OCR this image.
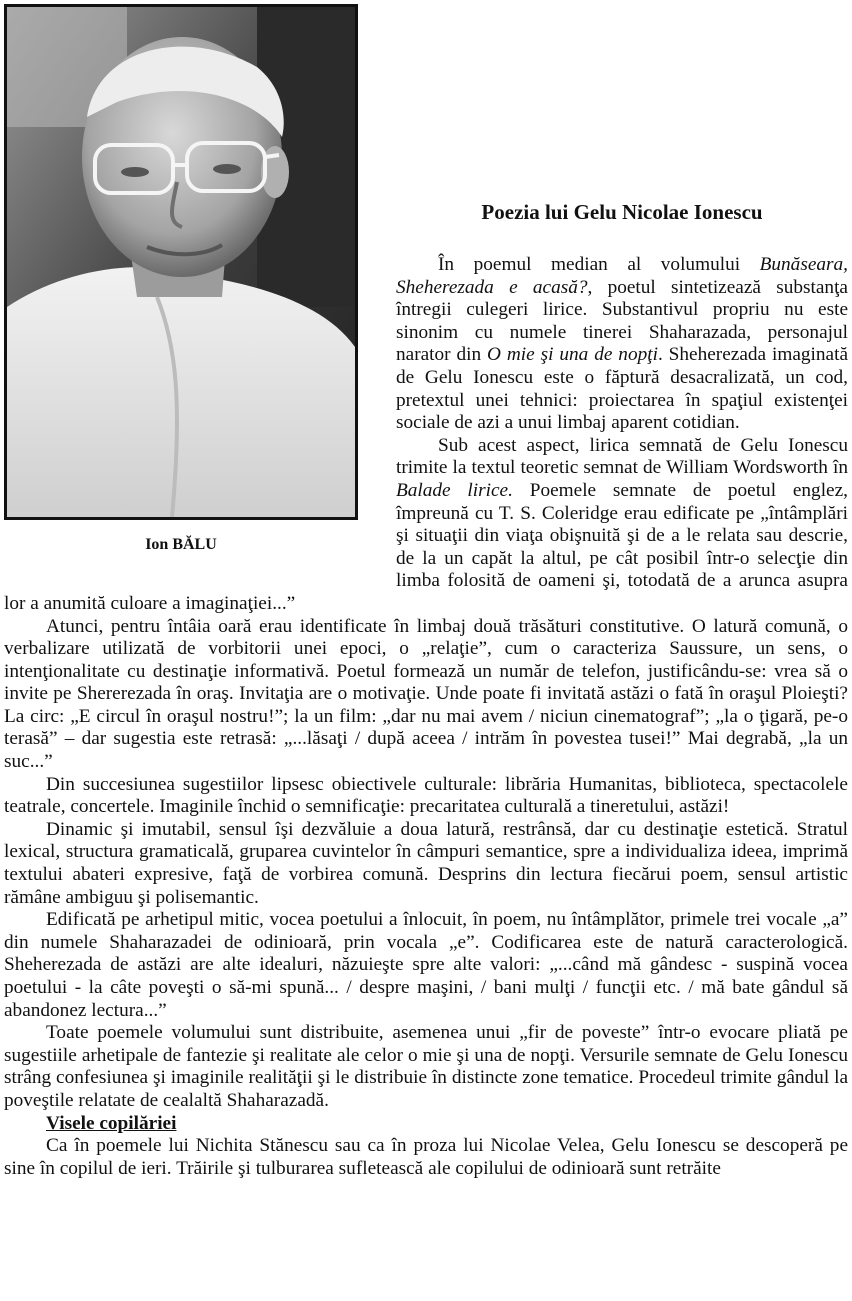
Ion BĂLU

Poezia lui Gelu Nicolae Ionescu

În poemul median al volumului Bunăseara, Sheherezada e acasă?, poetul sintetizează substanţa întregii culegeri lirice. Substantivul propriu nu este sinonim cu numele tinerei Shaharazada, personajul narator din O mie şi una de nopţi. Sheherezada imaginată de Gelu Ionescu este o făptură desacralizată, un cod, pretextul unei tehnici: proiectarea în spaţiul existenţei sociale de azi a unui limbaj aparent cotidian.

Sub acest aspect, lirica semnată de Gelu Ionescu trimite la textul teoretic semnat de William Wordsworth în Balade lirice. Poemele semnate de poetul englez, împreună cu T. S. Coleridge erau edificate pe „întâmplări şi situaţii din viaţa obişnuită şi de a le relata sau descrie, de la un capăt la altul, pe cât posibil într-o selecţie din limba folosită de oameni şi, totodată de a arunca asupra lor a anumită culoare a imaginaţiei...”

Atunci, pentru întâia oară erau identificate în limbaj două trăsături constitutive. O latură comună, o verbalizare utilizată de vorbitorii unei epoci, o „relaţie”, cum o caracteriza Saussure, un sens, o intenţionalitate cu destinaţie informativă. Poetul formează un număr de telefon, justificându-se: vrea să o invite pe Shererezada în oraş. Invitaţia are o motivaţie. Unde poate fi invitată astăzi o fată în oraşul Ploieşti? La circ: „E circul în oraşul nostru!”; la un film: „dar nu mai avem / niciun cinematograf”; „la o ţigară, pe-o terasă” – dar sugestia este retrasă: „...lăsaţi / după aceea / intrăm în povestea tusei!” Mai degrabă, „la un suc...”

Din succesiunea sugestiilor lipsesc obiectivele culturale: librăria Humanitas, biblioteca, spectacolele teatrale, concertele. Imaginile închid o semnificaţie: precaritatea culturală a tineretului, astăzi!

Dinamic şi imutabil, sensul îşi dezvăluie a doua latură, restrânsă, dar cu destinaţie estetică. Stratul lexical, structura gramaticală, gruparea cuvintelor în câmpuri semantice, spre a individualiza ideea, imprimă textului abateri expresive, faţă de vorbirea comună. Desprins din lectura fiecărui poem, sensul artistic rămâne ambiguu şi polisemantic.

Edificată pe arhetipul mitic, vocea poetului a înlocuit, în poem, nu întâmplător, primele trei vocale „a” din numele Shaharazadei de odinioară, prin vocala „e”. Codificarea este de natură caracterologică. Sheherezada de astăzi are alte idealuri, năzuieşte spre alte valori: „...când mă gândesc - suspină vocea poetului - la câte poveşti o să-mi spună... / despre maşini, / bani mulţi / funcţii etc. / mă bate gândul să abandonez lectura...”

Toate poemele volumului sunt distribuite, asemenea unui „fir de poveste” într-o evocare pliată pe sugestiile arhetipale de fantezie şi realitate ale celor o mie şi una de nopţi. Versurile semnate de Gelu Ionescu strâng confesiunea şi imaginile realităţii şi le distribuie în distincte zone tematice. Procedeul trimite gândul la poveştile relatate de cealaltă Shaharazadă.

Visele copilăriei

Ca în poemele lui Nichita Stănescu sau ca în proza lui Nicolae Velea, Gelu Ionescu se descoperă pe sine în copilul de ieri. Trăirile şi tulburarea sufletească ale copilului de odinioară sunt retrăite
